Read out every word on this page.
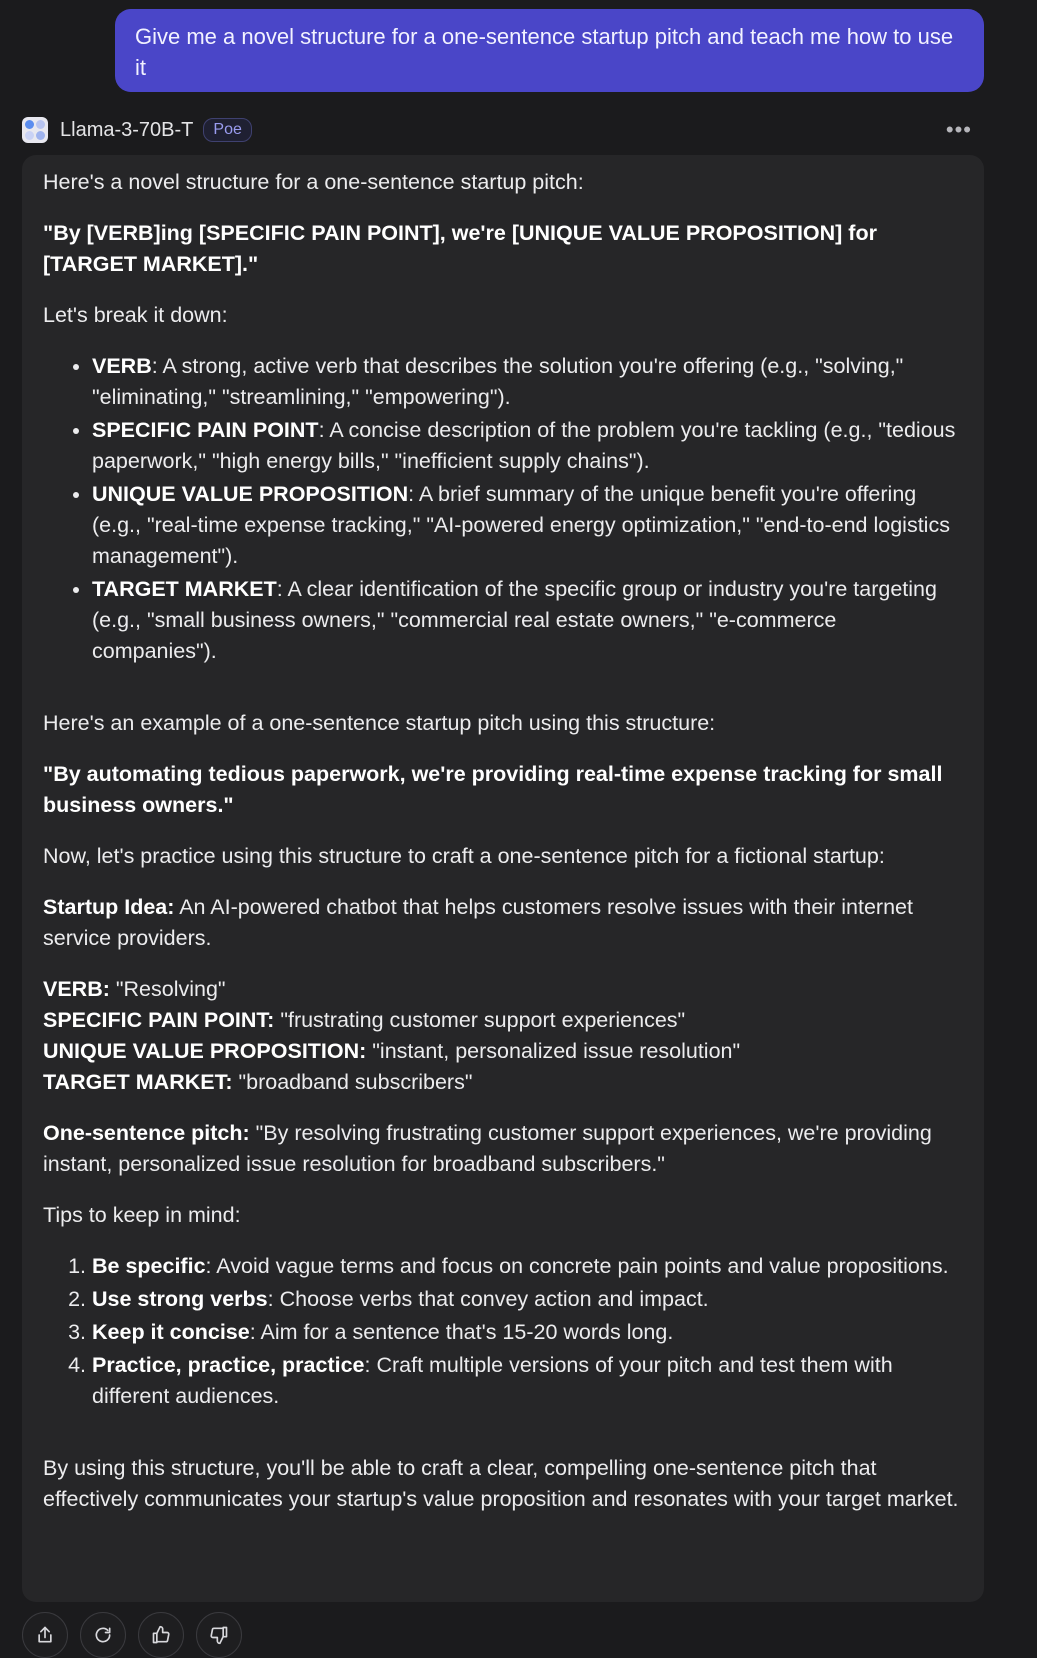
Give me a novel structure for a one-sentence startup pitch and teach me how to use it
Llama-3-70B-T	Poe	•••

Here's a novel structure for a one-sentence startup pitch:

"By [VERB]ing [SPECIFIC PAIN POINT], we're [UNIQUE VALUE PROPOSITION] for [TARGET MARKET]."

Let's break it down:

• VERB: A strong, active verb that describes the solution you're offering (e.g., "solving," "eliminating," "streamlining," "empowering").
• SPECIFIC PAIN POINT: A concise description of the problem you're tackling (e.g., "tedious paperwork," "high energy bills," "inefficient supply chains").
• UNIQUE VALUE PROPOSITION: A brief summary of the unique benefit you're offering (e.g., "real-time expense tracking," "AI-powered energy optimization," "end-to-end logistics management").
• TARGET MARKET: A clear identification of the specific group or industry you're targeting (e.g., "small business owners," "commercial real estate owners," "e-commerce companies").

Here's an example of a one-sentence startup pitch using this structure:

"By automating tedious paperwork, we're providing real-time expense tracking for small business owners."

Now, let's practice using this structure to craft a one-sentence pitch for a fictional startup:

Startup Idea: An AI-powered chatbot that helps customers resolve issues with their internet service providers.

VERB: "Resolving"
SPECIFIC PAIN POINT: "frustrating customer support experiences"
UNIQUE VALUE PROPOSITION: "instant, personalized issue resolution"
TARGET MARKET: "broadband subscribers"

One-sentence pitch: "By resolving frustrating customer support experiences, we're providing instant, personalized issue resolution for broadband subscribers."

Tips to keep in mind:

1. Be specific: Avoid vague terms and focus on concrete pain points and value propositions.
2. Use strong verbs: Choose verbs that convey action and impact.
3. Keep it concise: Aim for a sentence that's 15-20 words long.
4. Practice, practice, practice: Craft multiple versions of your pitch and test them with different audiences.

By using this structure, you'll be able to craft a clear, compelling one-sentence pitch that effectively communicates your startup's value proposition and resonates with your target market.
